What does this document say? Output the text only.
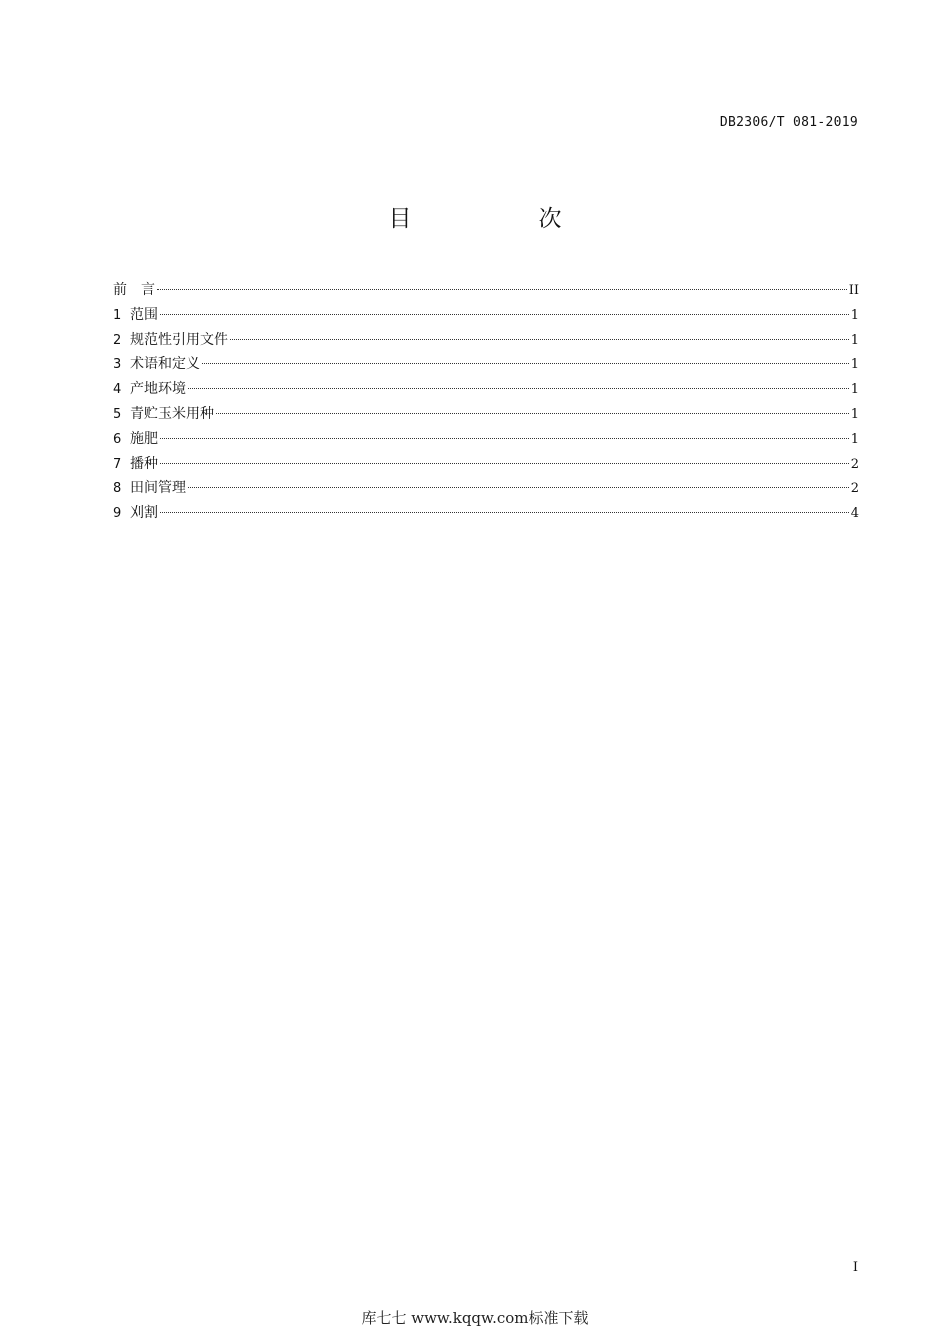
DB2306/T 081-2019
目　次
前　言	II
1 范围	1
2 规范性引用文件	1
3 术语和定义	1
4 产地环境	1
5 青贮玉米用种	1
6 施肥	1
7 播种	2
8 田间管理	2
9 刈割	4
I
库七七 www.kqqw.com标准下载
